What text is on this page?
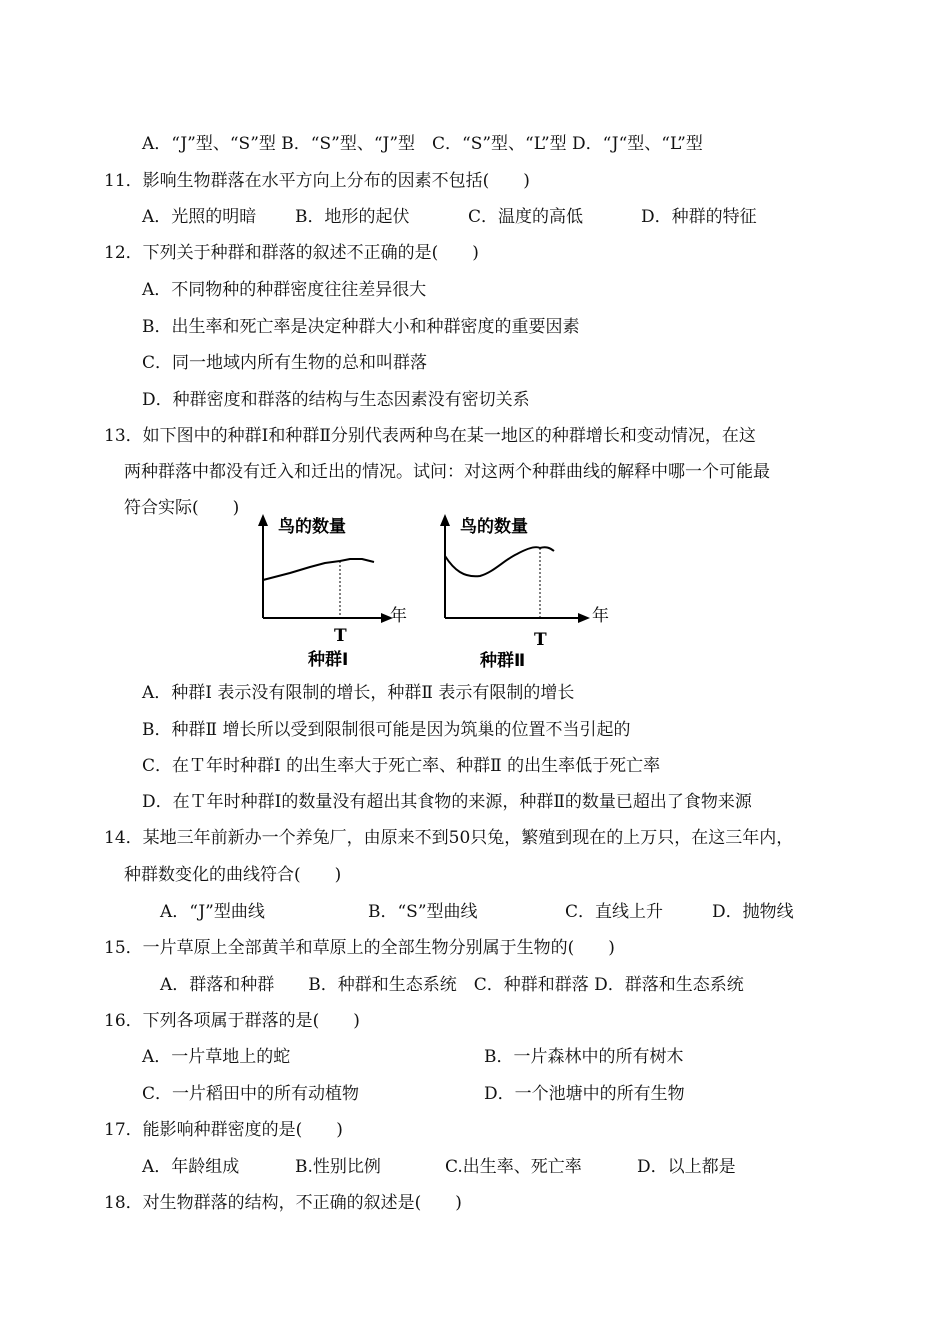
A．“J”型、“S”型 B．“S”型、“J”型　C．“S”型、“L”型 D．“J“型、“L”型
11．影响生物群落在水平方向上分布的因素不包括(　　)
A．光照的明暗 B．地形的起伏	C．温度的高低	D．种群的特征
12．下列关于种群和群落的叙述不正确的是(　　)
A．不同物种的种群密度往往差异很大
B．出生率和死亡率是决定种群大小和种群密度的重要因素
C．同一地域内所有生物的总和叫群落
D．种群密度和群落的结构与生态因素没有密切关系
13．如下图中的种群Ⅰ和种群Ⅱ分别代表两种鸟在某一地区的种群增长和变动情况，在这
两种群落中都没有迁入和迁出的情况。试问：对这两个种群曲线的解释中哪一个可能最
符合实际(　　)
鸟的数量
年
T
种群Ⅰ
鸟的数量
年
T
种群Ⅱ
A．种群Ⅰ 表示没有限制的增长，种群Ⅱ 表示有限制的增长
B．种群Ⅱ 增长所以受到限制很可能是因为筑巢的位置不当引起的
C．在Ｔ年时种群Ⅰ 的出生率大于死亡率、种群Ⅱ 的出生率低于死亡率
D．在Ｔ年时种群Ⅰ的数量没有超出其食物的来源，种群Ⅱ的数量已超出了食物来源
14．某地三年前新办一个养兔厂，由原来不到50只兔，繁殖到现在的上万只，在这三年内，
种群数变化的曲线符合(　　)
A．“J”型曲线	B．“S”型曲线	C．直线上升	D．抛物线
15．一片草原上全部黄羊和草原上的全部生物分别属于生物的(　　)
A．群落和种群　　B．种群和生态系统　C．种群和群落 D．群落和生态系统
16．下列各项属于群落的是(　　)
A．一片草地上的蛇	B．一片森林中的所有树木
C．一片稻田中的所有动植物	D．一个池塘中的所有生物
17．能影响种群密度的是(　　)
A．年龄组成	B.性别比例	C.出生率、死亡率	D．以上都是
18．对生物群落的结构，不正确的叙述是(　　)
